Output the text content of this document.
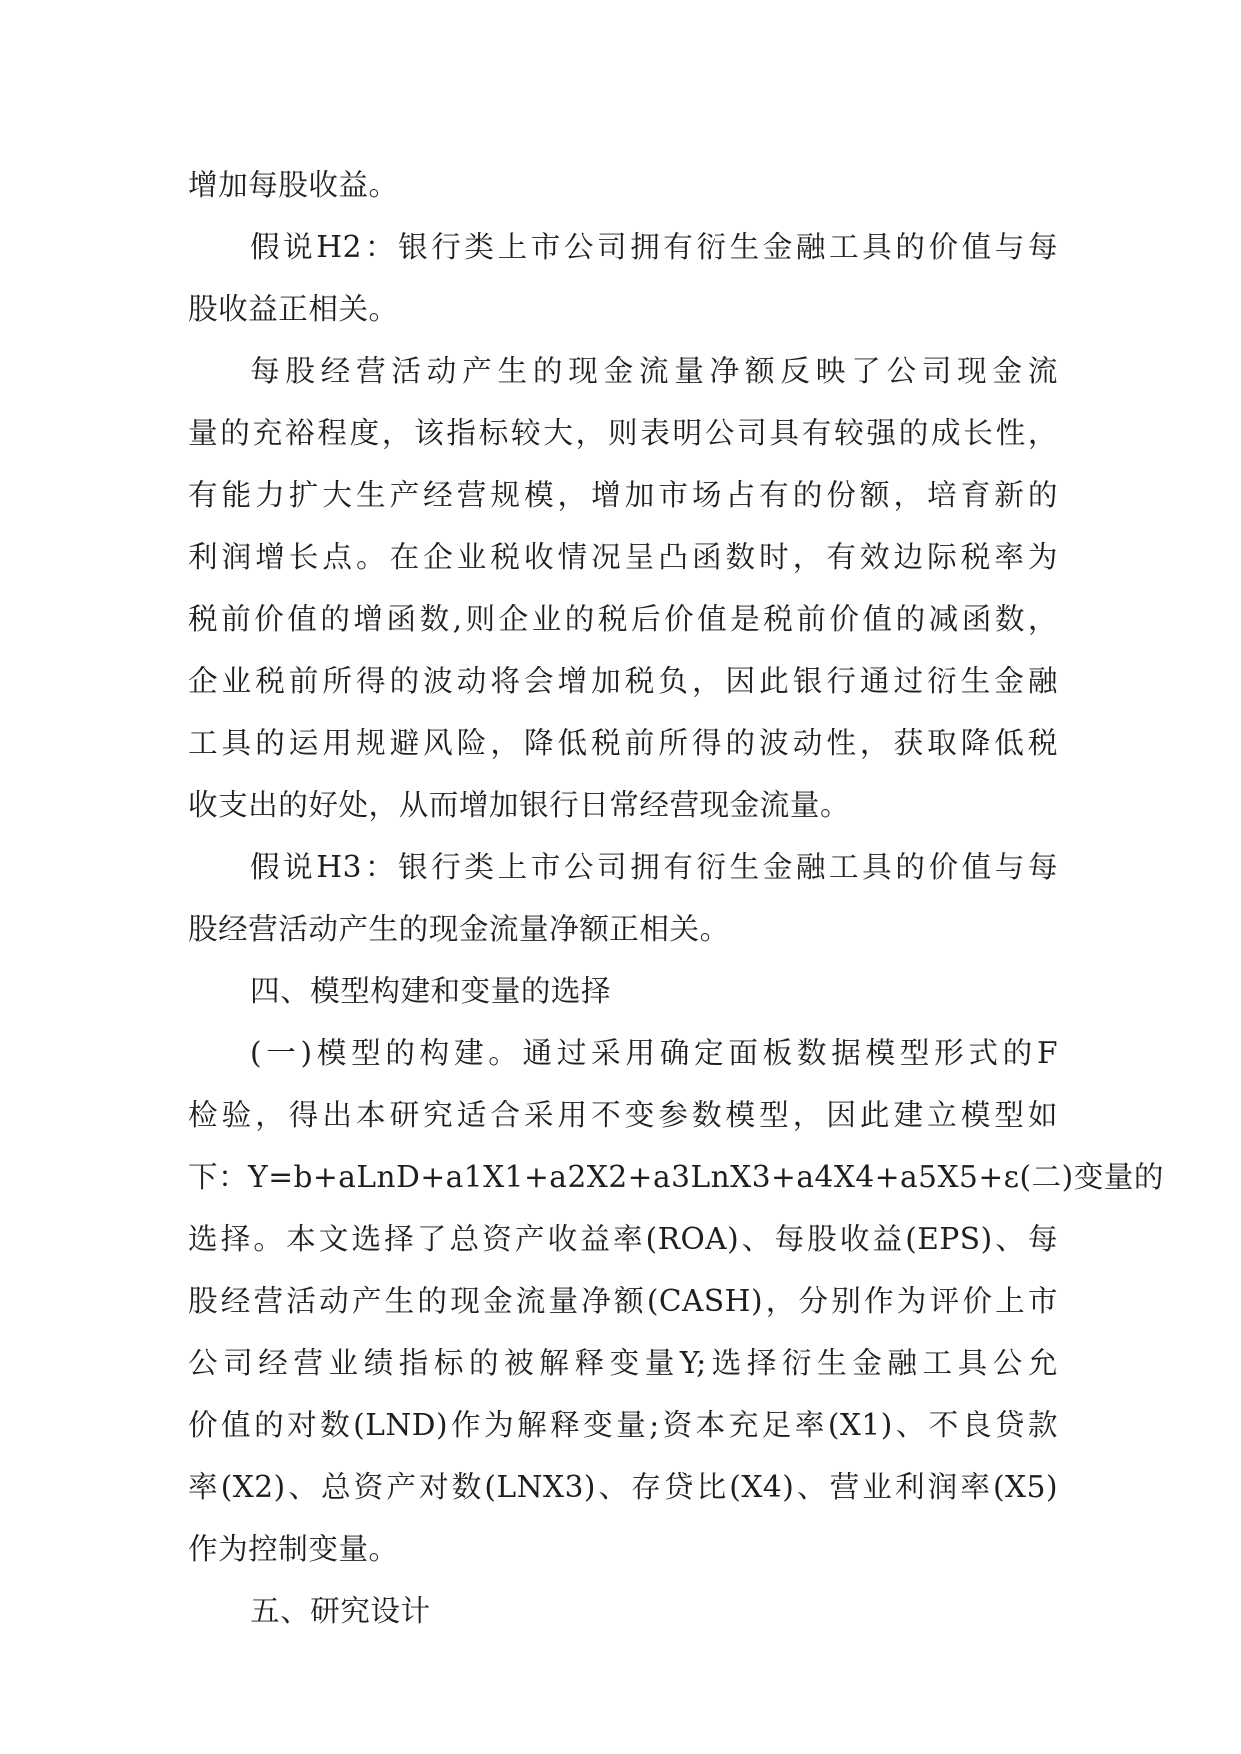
增加每股收益。
假说H2：银行类上市公司拥有衍生金融工具的价值与每
股收益正相关。
每股经营活动产生的现金流量净额反映了公司现金流
量的充裕程度，该指标较大，则表明公司具有较强的成长性，
有能力扩大生产经营规模，增加市场占有的份额，培育新的
利润增长点。在企业税收情况呈凸函数时，有效边际税率为
税前价值的增函数,则企业的税后价值是税前价值的减函数，
企业税前所得的波动将会增加税负，因此银行通过衍生金融
工具的运用规避风险，降低税前所得的波动性，获取降低税
收支出的好处，从而增加银行日常经营现金流量。
假说H3：银行类上市公司拥有衍生金融工具的价值与每
股经营活动产生的现金流量净额正相关。
四、模型构建和变量的选择
(一)模型的构建。通过采用确定面板数据模型形式的F
检验，得出本研究适合采用不变参数模型，因此建立模型如
下：Y=b+aLnD+a1X1+a2X2+a3LnX3+a4X4+a5X5+ε(二)变量的
选择。本文选择了总资产收益率(ROA)、每股收益(EPS)、每
股经营活动产生的现金流量净额(CASH)，分别作为评价上市
公司经营业绩指标的被解释变量Y;选择衍生金融工具公允
价值的对数(LND)作为解释变量;资本充足率(X1)、不良贷款
率(X2)、总资产对数(LNX3)、存贷比(X4)、营业利润率(X5)
作为控制变量。
五、研究设计
